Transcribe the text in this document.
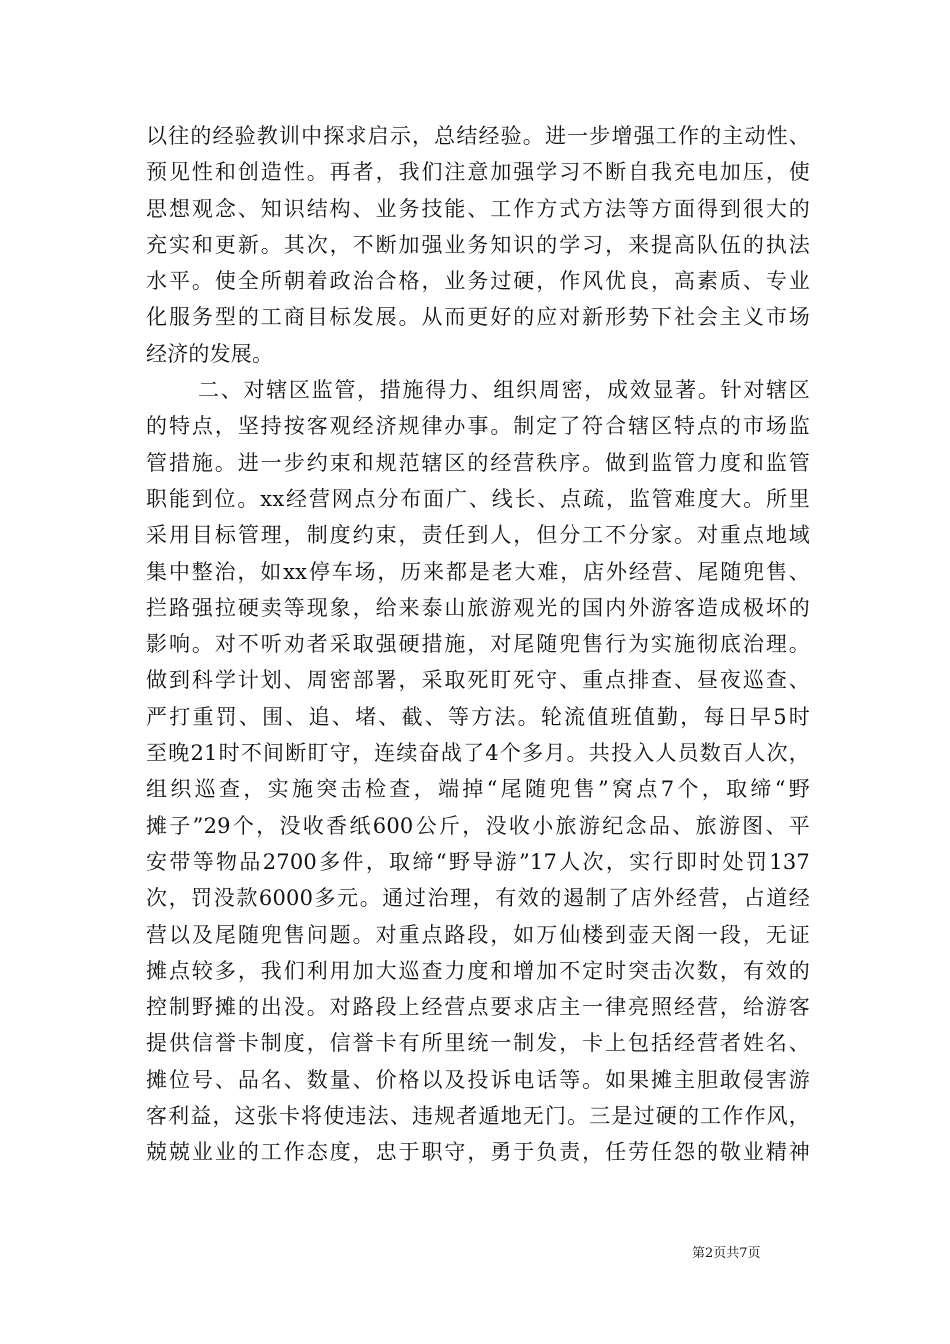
以往的经验教训中探求启示，总结经验。进一步增强工作的主动性、
预见性和创造性。再者，我们注意加强学习不断自我充电加压，使
思想观念、知识结构、业务技能、工作方式方法等方面得到很大的
充实和更新。其次，不断加强业务知识的学习，来提高队伍的执法
水平。使全所朝着政治合格，业务过硬，作风优良，高素质、专业
化服务型的工商目标发展。从而更好的应对新形势下社会主义市场
经济的发展。
二、对辖区监管，措施得力、组织周密，成效显著。针对辖区
的特点，坚持按客观经济规律办事。制定了符合辖区特点的市场监
管措施。进一步约束和规范辖区的经营秩序。做到监管力度和监管
职能到位。xx经营网点分布面广、线长、点疏，监管难度大。所里
采用目标管理，制度约束，责任到人，但分工不分家。对重点地域
集中整治，如xx停车场，历来都是老大难，店外经营、尾随兜售、
拦路强拉硬卖等现象，给来泰山旅游观光的国内外游客造成极坏的
影响。对不听劝者采取强硬措施，对尾随兜售行为实施彻底治理。
做到科学计划、周密部署，采取死盯死守、重点排查、昼夜巡查、
严打重罚、围、追、堵、截、等方法。轮流值班值勤，每日早5时
至晚21时不间断盯守，连续奋战了4个多月。共投入人员数百人次，
组织巡查，实施突击检查，端掉“尾随兜售”窝点7个，取缔“野
摊子”29个，没收香纸600公斤，没收小旅游纪念品、旅游图、平
安带等物品2700多件，取缔“野导游”17人次，实行即时处罚137
次，罚没款6000多元。通过治理，有效的遏制了店外经营，占道经
营以及尾随兜售问题。对重点路段，如万仙楼到壶天阁一段，无证
摊点较多，我们利用加大巡查力度和增加不定时突击次数，有效的
控制野摊的出没。对路段上经营点要求店主一律亮照经营，给游客
提供信誉卡制度，信誉卡有所里统一制发，卡上包括经营者姓名、
摊位号、品名、数量、价格以及投诉电话等。如果摊主胆敢侵害游
客利益，这张卡将使违法、违规者遁地无门。三是过硬的工作作风，
兢兢业业的工作态度，忠于职守，勇于负责，任劳任怨的敬业精神
第2页共7页
